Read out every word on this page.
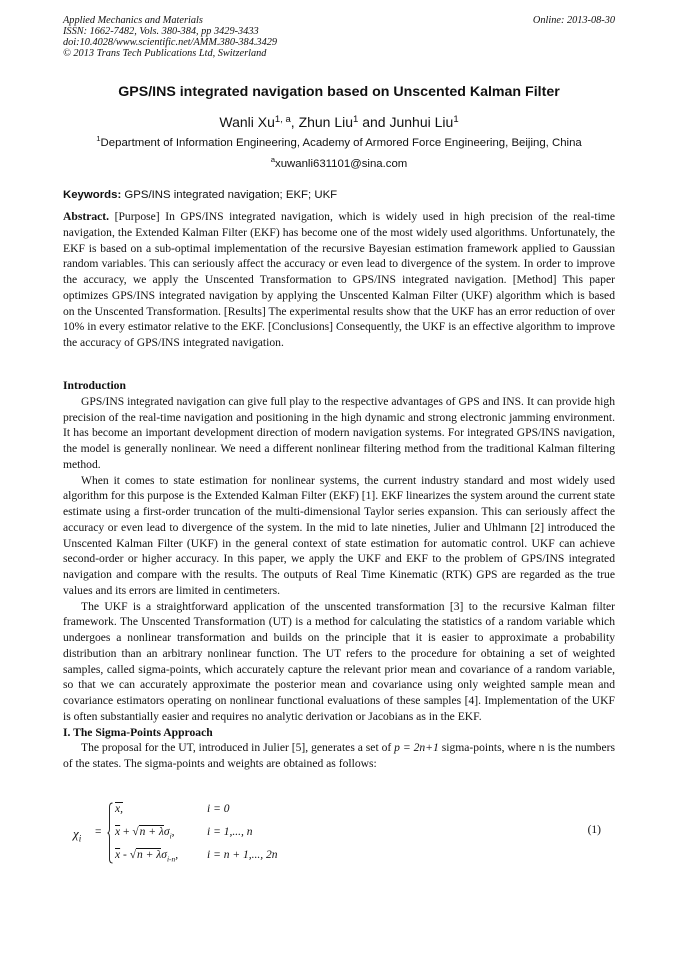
Applied Mechanics and Materials
ISSN: 1662-7482, Vols. 380-384, pp 3429-3433
doi:10.4028/www.scientific.net/AMM.380-384.3429
© 2013 Trans Tech Publications Ltd, Switzerland
Online: 2013-08-30
GPS/INS integrated navigation based on Unscented Kalman Filter
Wanli Xu$^{1, a}$, Zhun Liu$^1$ and Junhui Liu$^1$
$^1$Department of Information Engineering, Academy of Armored Force Engineering, Beijing, China
$^a$xuwanli631101@sina.com
Keywords: GPS/INS integrated navigation; EKF; UKF

Abstract. [Purpose] In GPS/INS integrated navigation, which is widely used in high precision of the real-time navigation, the Extended Kalman Filter (EKF) has become one of the most widely used algorithms. Unfortunately, the EKF is based on a sub-optimal implementation of the recursive Bayesian estimation framework applied to Gaussian random variables. This can seriously affect the accuracy or even lead to divergence of the system. In order to improve the accuracy, we apply the Unscented Transformation to GPS/INS integrated navigation. [Method] This paper optimizes GPS/INS integrated navigation by applying the Unscented Kalman Filter (UKF) algorithm which is based on the Unscented Transformation. [Results] The experimental results show that the UKF has an error reduction of over 10% in every estimator relative to the EKF. [Conclusions] Consequently, the UKF is an effective algorithm to improve the accuracy of GPS/INS integrated navigation.

Introduction

GPS/INS integrated navigation can give full play to the respective advantages of GPS and INS. It can provide high precision of the real-time navigation and positioning in the high dynamic and strong electronic jamming environment. It has become an important development direction of modern navigation systems. For integrated GPS/INS navigation, the model is generally nonlinear. We need a different nonlinear filtering method from the traditional Kalman filtering method.

When it comes to state estimation for nonlinear systems, the current industry standard and most widely used algorithm for this purpose is the Extended Kalman Filter (EKF) [1]. EKF linearizes the system around the current state estimate using a first-order truncation of the multi-dimensional Taylor series expansion. This can seriously affect the accuracy or even lead to divergence of the system. In the mid to late nineties, Julier and Uhlmann [2] introduced the Unscented Kalman Filter (UKF) in the general context of state estimation for automatic control. UKF can achieve second-order or higher accuracy. In this paper, we apply the UKF and EKF to the problem of GPS/INS integrated navigation and compare with the results. The outputs of Real Time Kinematic (RTK) GPS are regarded as the true values and its errors are limited in centimeters.

The UKF is a straightforward application of the unscented transformation [3] to the recursive Kalman filter framework. The Unscented Transformation (UT) is a method for calculating the statistics of a random variable which undergoes a nonlinear transformation and builds on the principle that it is easier to approximate a probability distribution than an arbitrary nonlinear function. The UT refers to the procedure for obtaining a set of weighted samples, called sigma-points, which accurately capture the relevant prior mean and covariance of a random variable, so that we can accurately approximate the posterior mean and covariance using only weighted sample mean and covariance estimators operating on nonlinear functional evaluations of these samples [4]. Implementation of the UKF is often substantially easier and requires no analytic derivation or Jacobians as in the EKF.

I. The Sigma-Points Approach

The proposal for the UT, introduced in Julier [5], generates a set of p = 2n+1 sigma-points, where n is the numbers of the states. The sigma-points and weights are obtained as follows:

$\chi_i$
=
x,	i = 0
$\overline{x} + √n + \lambda\sigma_i$,	i = 1,..., n
$\overline{x} - √n + \lambda\sigma_{i-n}$,	i = n + 1,..., 2n
(1)
